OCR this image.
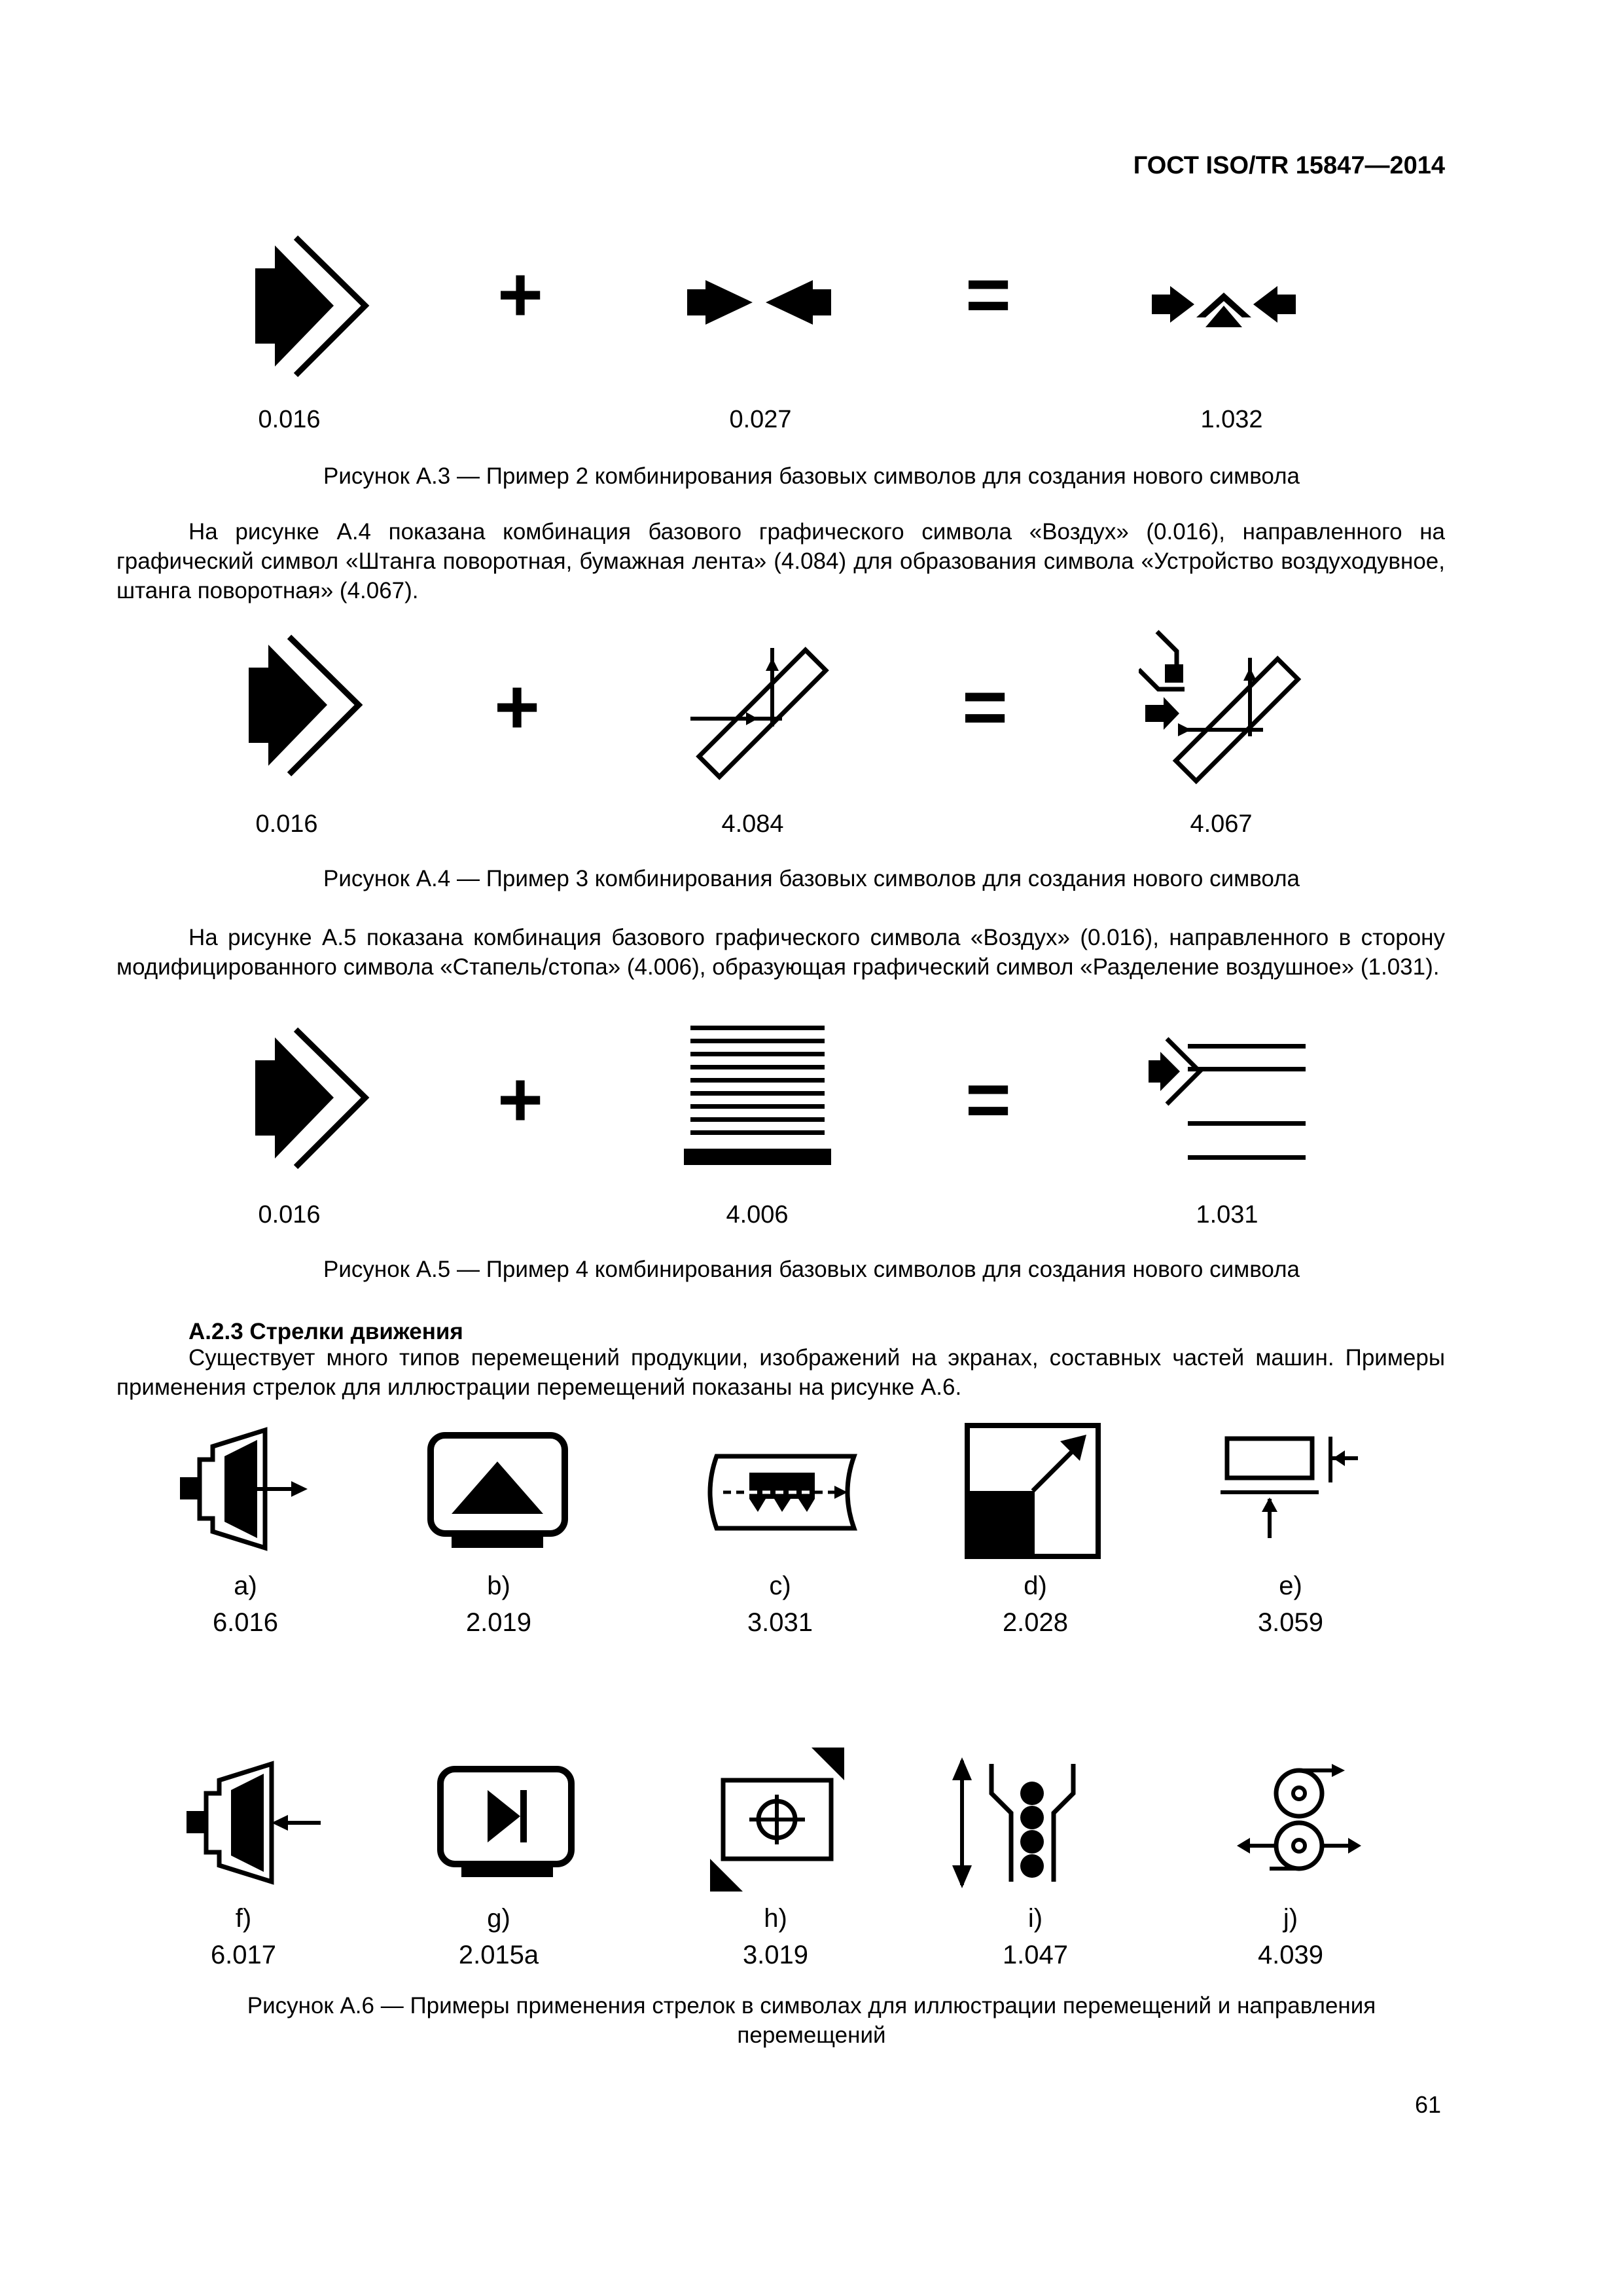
ГОСТ ISO/TR 15847—2014
+	=
0.016	0.027	1.032
Рисунок А.3 — Пример 2 комбинирования базовых символов для создания нового символа
На рисунке А.4 показана комбинация базового графического символа «Воздух» (0.016), направленного на графический символ «Штанга поворотная, бумажная лента» (4.084) для образования символа «Устройство воздуходувное, штанга поворотная» (4.067).
+	=
0.016	4.084	4.067
Рисунок А.4 — Пример 3 комбинирования базовых символов для создания нового символа
На рисунке А.5 показана комбинация базового графического символа «Воздух» (0.016), направленного в сторону модифицированного символа «Стапель/стопа» (4.006), образующая графический символ «Разделение воздушное» (1.031).
+	=
0.016	4.006	1.031
Рисунок А.5 — Пример 4 комбинирования базовых символов для создания нового символа
А.2.3 Стрелки движения
Существует много типов перемещений продукции, изображений на экранах, составных частей машин. Примеры применения стрелок для иллюстрации перемещений показаны на рисунке А.6.
a)
6.016
b)
2.019
c)
3.031
d)
2.028
e)
3.059
f)
6.017
g)
2.015a
h)
3.019
i)
1.047
j)
4.039
Рисунок А.6 — Примеры применения стрелок в символах для иллюстрации перемещений и направления
перемещений
61
